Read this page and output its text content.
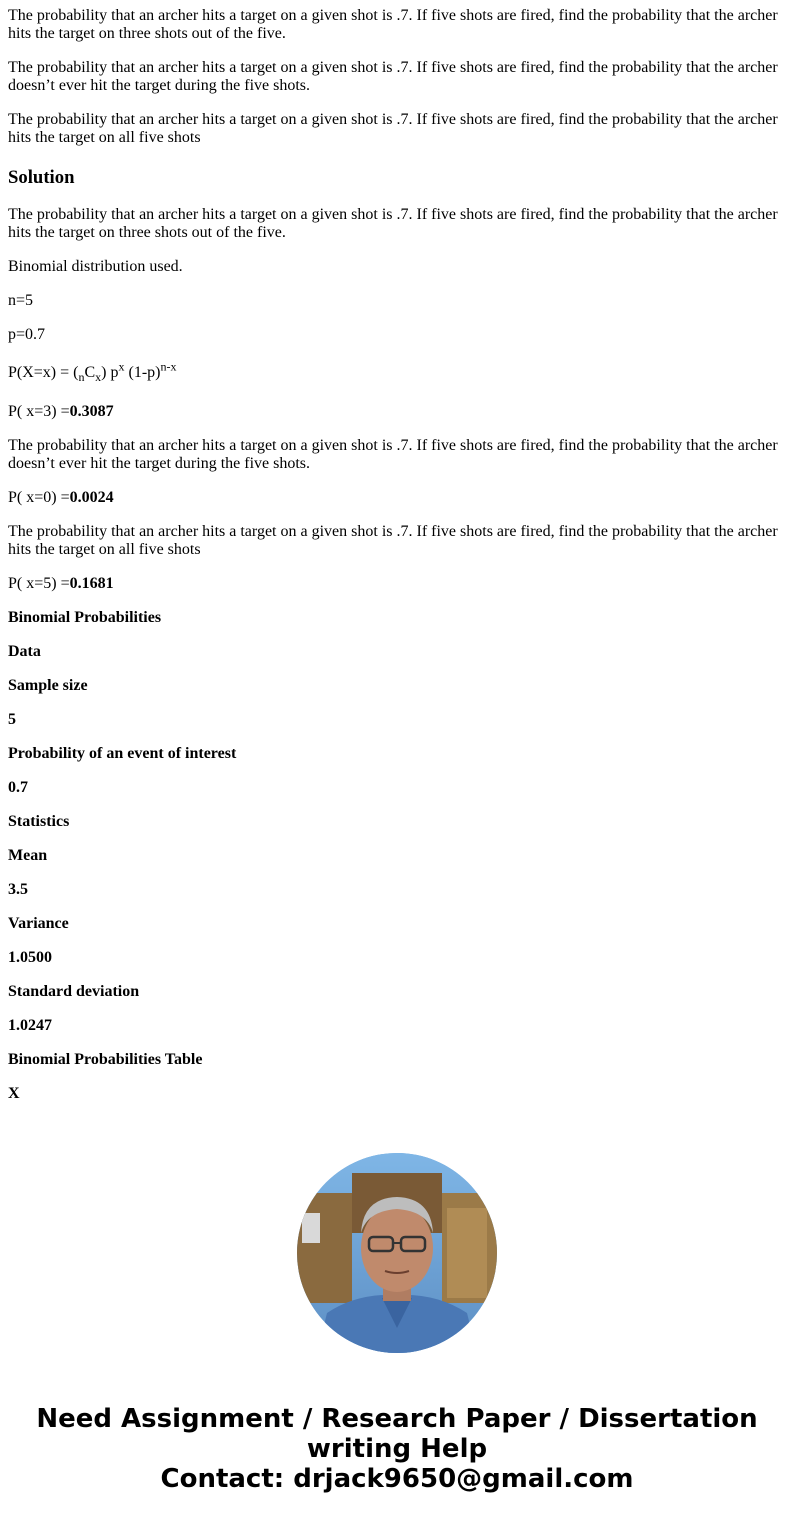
The probability that an archer hits a target on a given shot is .7. If five shots are fired, find the probability that the archer hits the target on three shots out of the five.

The probability that an archer hits a target on a given shot is .7. If five shots are fired, find the probability that the archer doesn’t ever hit the target during the five shots.

The probability that an archer hits a target on a given shot is .7. If five shots are fired, find the probability that the archer hits the target on all five shots

Solution

The probability that an archer hits a target on a given shot is .7. If five shots are fired, find the probability that the archer hits the target on three shots out of the five.

Binomial distribution used.

n=5

p=0.7

$P(X=x) = (_nC_x)$ $p^x$ $(1-p)^{n-x}$

P( x=3) =0.3087

The probability that an archer hits a target on a given shot is .7. If five shots are fired, find the probability that the archer doesn’t ever hit the target during the five shots.

P( x=0) =0.0024

The probability that an archer hits a target on a given shot is .7. If five shots are fired, find the probability that the archer hits the target on all five shots

P( x=5) =0.1681

Binomial Probabilities

Data

Sample size

5

Probability of an event of interest

0.7

Statistics

Mean

3.5

Variance

1.0500

Standard deviation

1.0247

Binomial Probabilities Table

X

Need Assignment / Research Paper / Dissertation
writing Help
Contact: drjack9650@gmail.com
